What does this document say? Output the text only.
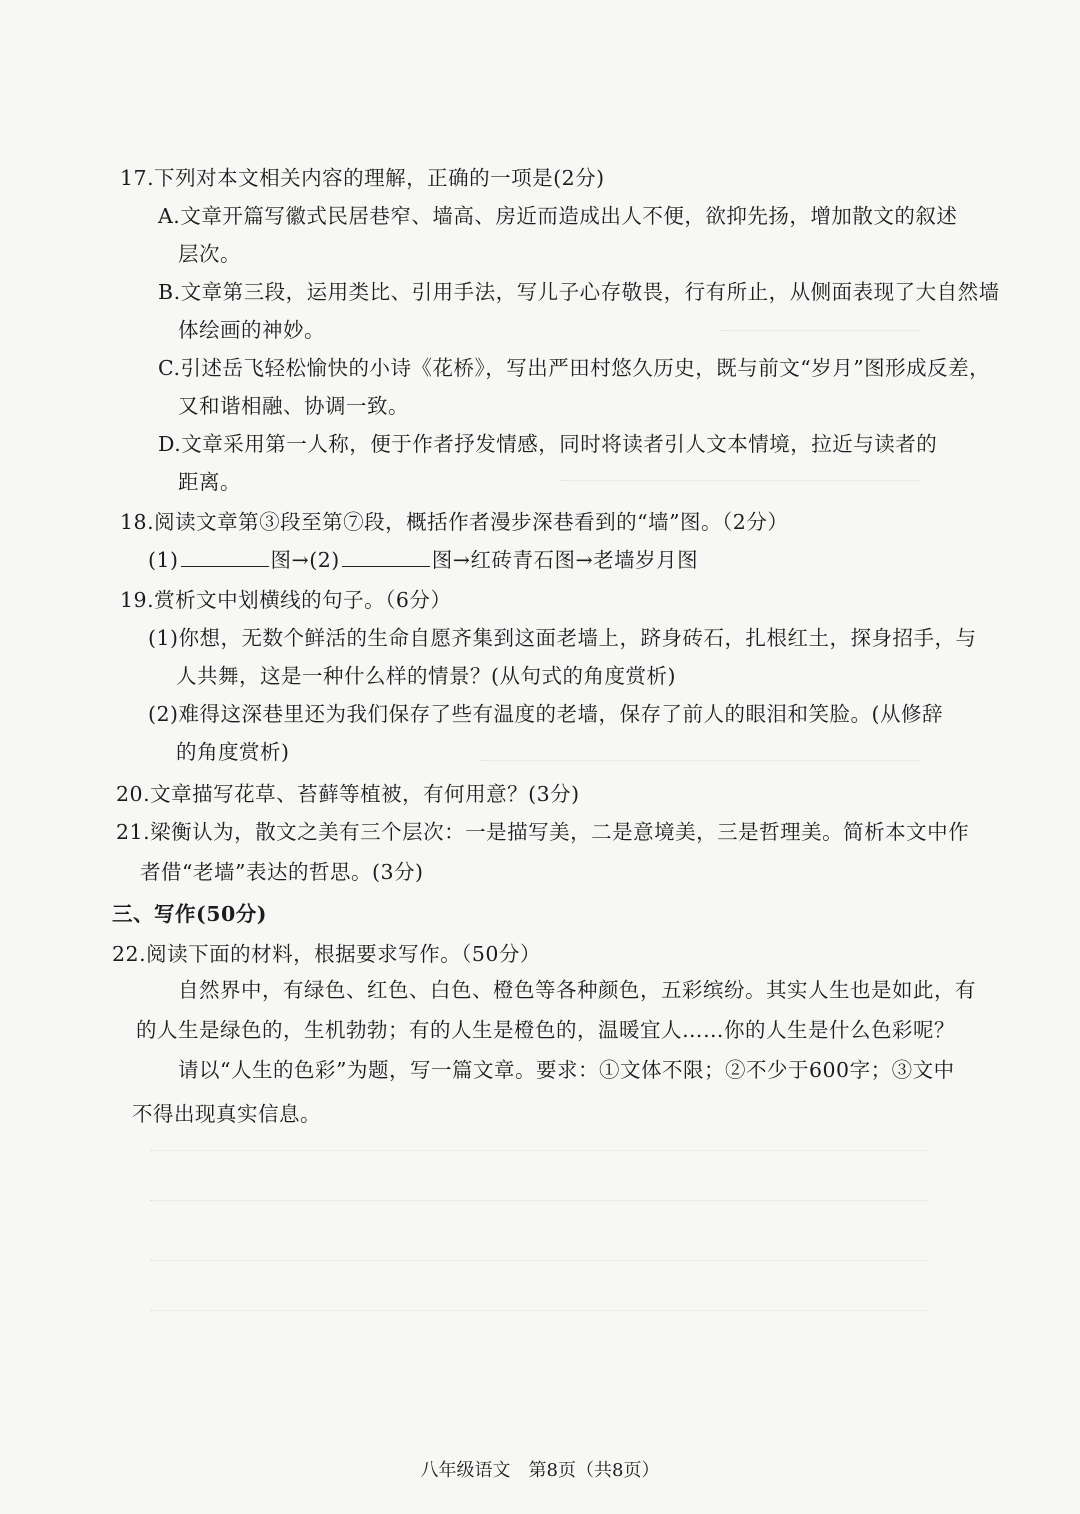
17.下列对本文相关内容的理解，正确的一项是(2分)
A.文章开篇写徽式民居巷窄、墙高、房近而造成出人不便，欲抑先扬，增加散文的叙述
层次。
B.文章第三段，运用类比、引用手法，写儿子心存敬畏，行有所止，从侧面表现了大自然墙
体绘画的神妙。
C.引述岳飞轻松愉快的小诗《花桥》，写出严田村悠久历史，既与前文“岁月”图形成反差，
又和谐相融、协调一致。
D.文章采用第一人称，便于作者抒发情感，同时将读者引人文本情境，拉近与读者的
距离。
18.阅读文章第③段至第⑦段，概括作者漫步深巷看到的“墙”图。（2分）
(1)	图→(2)	图→红砖青石图→老墙岁月图
19.赏析文中划横线的句子。（6分）
(1)你想，无数个鲜活的生命自愿齐集到这面老墙上，跻身砖石，扎根红土，探身招手，与
人共舞，这是一种什么样的情景？(从句式的角度赏析)
(2)难得这深巷里还为我们保存了些有温度的老墙，保存了前人的眼泪和笑脸。(从修辞
的角度赏析)
20.文章描写花草、苔藓等植被，有何用意？(3分)
21.梁衡认为，散文之美有三个层次：一是描写美，二是意境美，三是哲理美。简析本文中作
者借“老墙”表达的哲思。(3分)
三、写作(50分)
22.阅读下面的材料，根据要求写作。（50分）
自然界中，有绿色、红色、白色、橙色等各种颜色，五彩缤纷。其实人生也是如此，有
的人生是绿色的，生机勃勃；有的人生是橙色的，温暖宜人……你的人生是什么色彩呢？
请以“人生的色彩”为题，写一篇文章。要求：①文体不限；②不少于600字；③文中
不得出现真实信息。
八年级语文　第8页（共8页）
